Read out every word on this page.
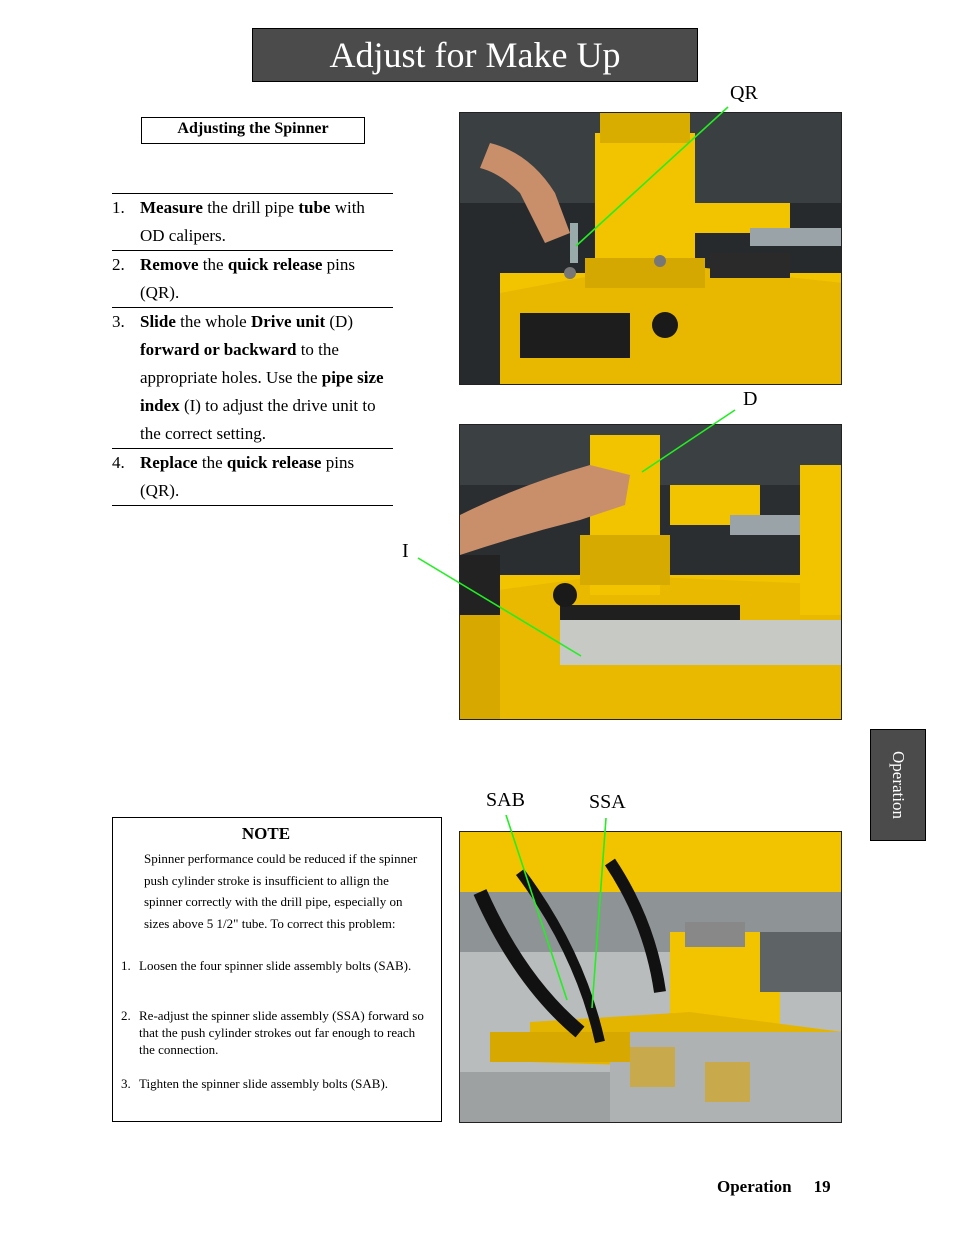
Adjust for Make Up
Adjusting the Spinner
1. Measure the drill pipe tube with OD calipers.
2. Remove the quick release pins (QR).
3. Slide the whole Drive unit (D) forward or backward to the appropriate holes. Use the pipe size index (I) to adjust the drive unit to the correct setting.
4. Replace the quick release pins (QR).
QR
D
I
SAB	SSA
NOTE
Spinner performance could be reduced if the spinner push cylinder stroke is insufficient to allign the spinner correctly with the drill pipe, especially on sizes above 5 1/2" tube. To correct this problem:
1. Loosen the four spinner slide assembly bolts (SAB).
2. Re-adjust the spinner slide assembly (SSA) forward so that the push cylinder strokes out far enough to reach the connection.
3. Tighten the spinner slide assembly bolts (SAB).
Operation
Operation 19
